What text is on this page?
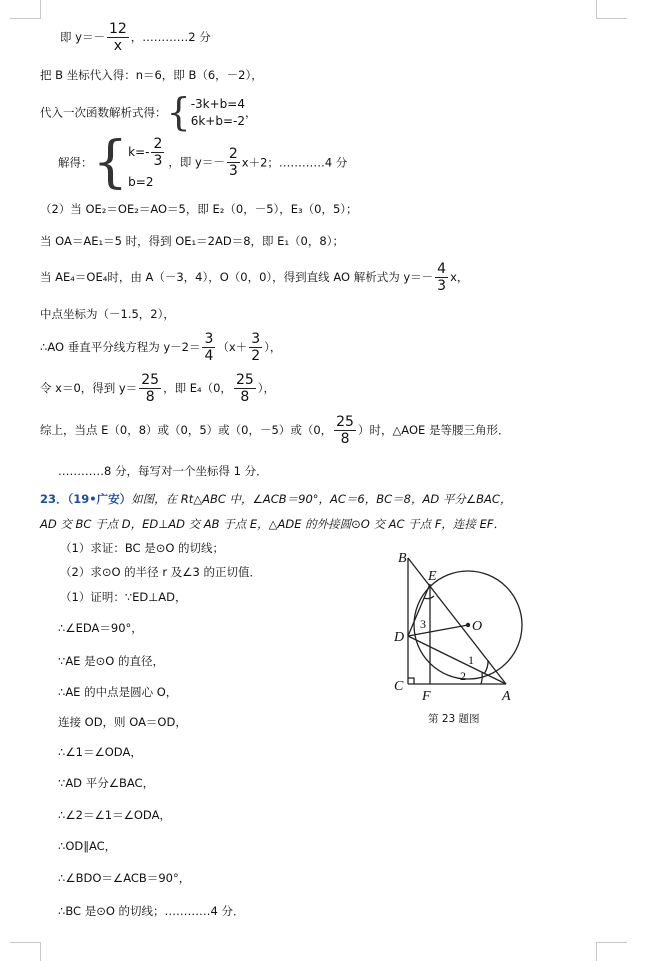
即 $y=- \frac{12}{x}$ ，…………2 分
把 B 坐标代入得：n＝6，即 B（6，－2），
代入一次函数解析式得：{ -3k+b=4
6k+b=-2
，
解得：{ $k=- \frac{2}{3}$
b=2
，即 $y=- \frac{2}{3} x+2$；…………4 分
（2）当 OE₂＝OE₂＝AO＝5，即 E₂（0，－5），E₃（0，5）；
当 OA＝AE₁＝5 时，得到 OE₁＝2AD＝8，即 E₁（0，8）；
当 AE₄＝OE₄时，由 A（－3，4），O（0，0），得到直线 AO 解析式为 $y=- \frac{4}{3}$ x，
中点坐标为（－1.5，2），
∴AO 垂直平分线方程为 $y-2= \frac{3}{4} (x+ \frac{3}{2}$ ），
令 x＝0，得到 $y= \frac{25}{8}$ ，即 E₄（0， $\frac{25}{8}$ ），
综上，当点 E（0，8）或（0，5）或（0，－5）或（0， $\frac{25}{8}$ ）时，△AOE 是等腰三角形．
…………8 分，每写对一个坐标得 1 分．
23．（19•广安）如图，在 Rt△ABC 中，∠ACB＝90°，AC＝6，BC＝8，AD 平分∠BAC，
AD 交 BC 于点 D，ED⊥AD 交 AB 于点 E，△ADE 的外接圆⊙O 交 AC 于点 F，连接 EF．
（1）求证：BC 是⊙O 的切线；
（2）求⊙O 的半径 r 及∠3 的正切值．
（1）证明：∵ED⊥AD，
∴∠EDA＝90°，
∵AE 是⊙O 的直径，
∴AE 的中点是圆心 O，
连接 OD，则 OA＝OD，
∴∠1＝∠ODA，
∵AD 平分∠BAC，
∴∠2＝∠1＝∠ODA，
∴OD∥AC，
∴∠BDO＝∠ACB＝90°，
∴BC 是⊙O 的切线；…………4 分．
B
E
O
D
C
F	A
1
2
3
第 23 题图
